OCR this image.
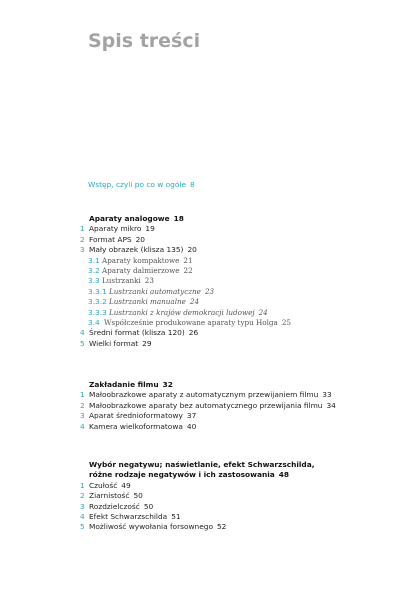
Spis treści
Wstęp, czyli po co w ogóle 8
Aparaty analogowe 18
1 Aparaty mikro 19
2 Format APS 20
3 Mały obrazek (klisza 135) 20
3.1 Aparaty kompaktowe 21
3.2 Aparaty dalmierzowe 22
3.3 Lustrzanki 23
3.3.1 Lustrzanki automatyczne 23
3.3.2 Lustrzanki manualne 24
3.3.3 Lustrzanki z krajów demokracji ludowej 24
3.4 Współcześnie produkowane aparaty typu Holga 25
4 Średni format (klisza 120) 26
5 Wielki format 29
Zakładanie filmu 32
1 Małoobrazkowe aparaty z automatycznym przewijaniem filmu 33
2 Małoobrazkowe aparaty bez automatycznego przewijania filmu 34
3 Aparat średnioformatowy 37
4 Kamera wielkoformatowa 40
Wybór negatywu; naświetlanie, efekt Schwarzschilda,
różne rodzaje negatywów i ich zastosowania 48
1 Czułość 49
2 Ziarnistość 50
3 Rozdzielczość 50
4 Efekt Schwarzschilda 51
5 Możliwość wywołania forsownego 52
